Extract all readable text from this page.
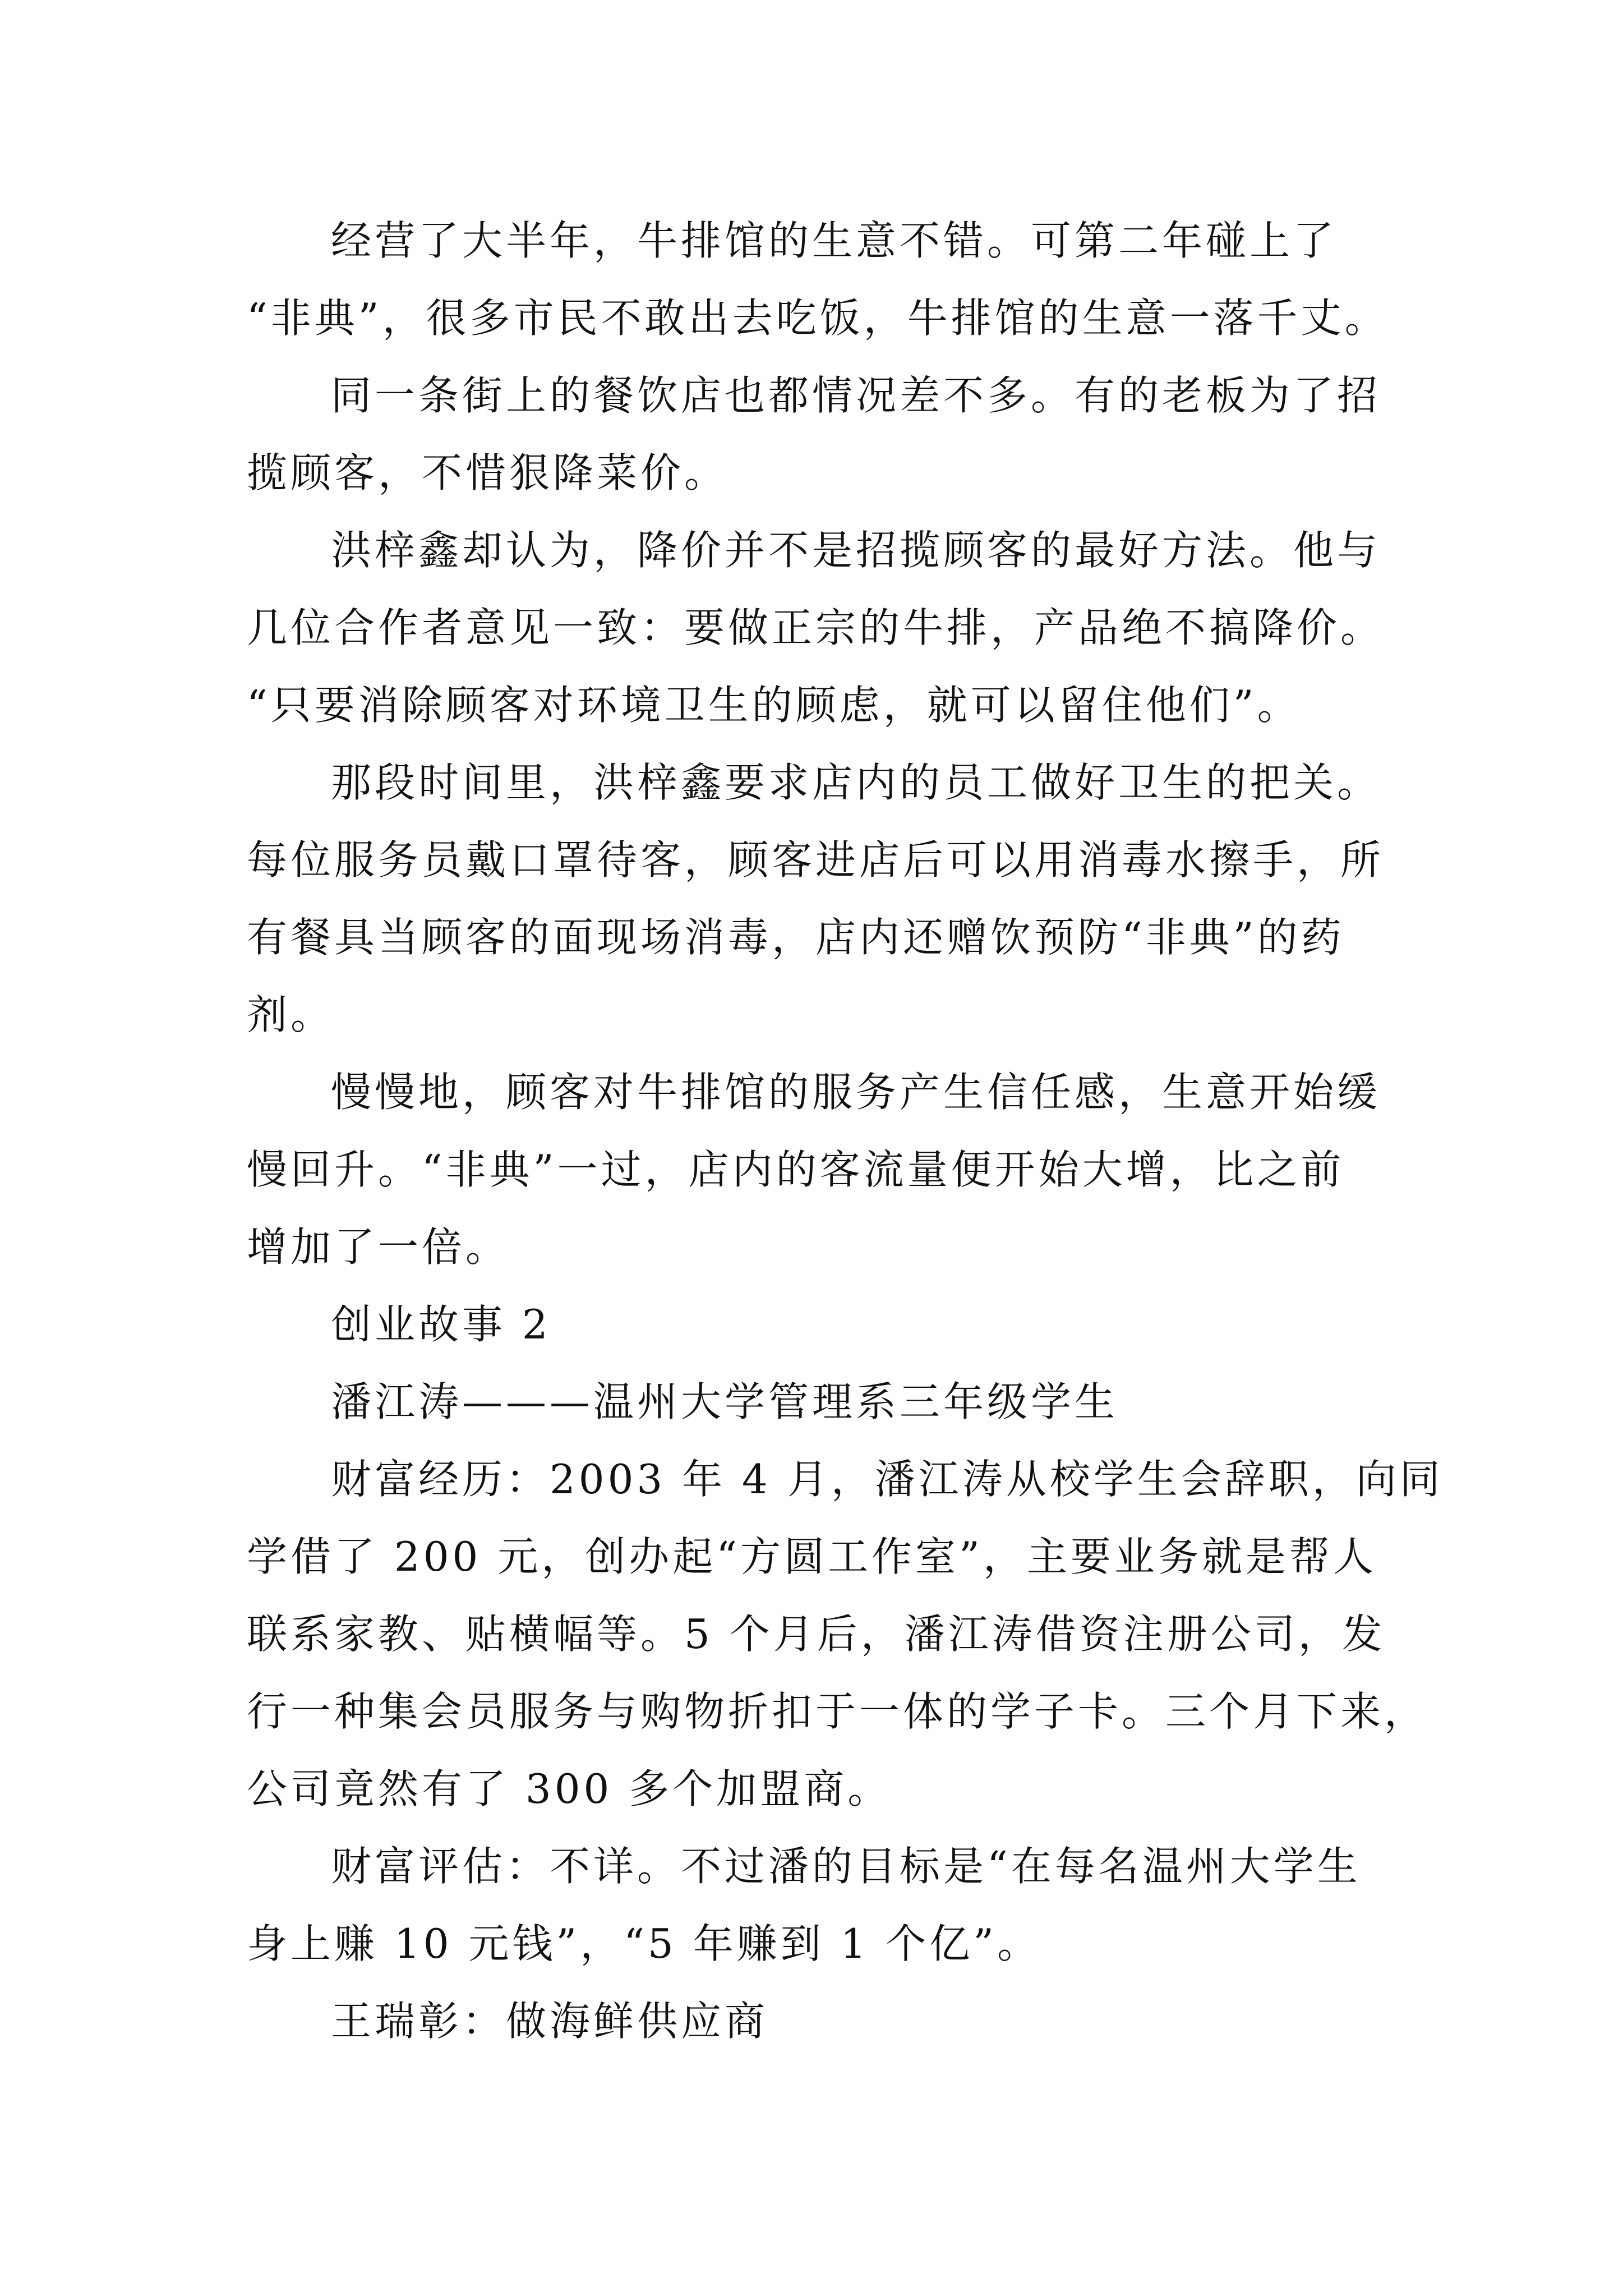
经营了大半年，牛排馆的生意不错。可第二年碰上了
“非典”，很多市民不敢出去吃饭，牛排馆的生意一落千丈。

同一条街上的餐饮店也都情况差不多。有的老板为了招
揽顾客，不惜狠降菜价。

洪梓鑫却认为，降价并不是招揽顾客的最好方法。他与
几位合作者意见一致：要做正宗的牛排，产品绝不搞降价。
“只要消除顾客对环境卫生的顾虑，就可以留住他们”。

那段时间里，洪梓鑫要求店内的员工做好卫生的把关。
每位服务员戴口罩待客，顾客进店后可以用消毒水擦手，所
有餐具当顾客的面现场消毒，店内还赠饮预防“非典”的药
剂。

慢慢地，顾客对牛排馆的服务产生信任感，生意开始缓
慢回升。“非典”一过，店内的客流量便开始大增，比之前
增加了一倍。

创业故事 2

潘江涛———温州大学管理系三年级学生

财富经历：2003 年 4 月，潘江涛从校学生会辞职，向同
学借了 200 元，创办起“方圆工作室”，主要业务就是帮人
联系家教、贴横幅等。5 个月后，潘江涛借资注册公司，发
行一种集会员服务与购物折扣于一体的学子卡。三个月下来，
公司竟然有了 300 多个加盟商。

财富评估：不详。不过潘的目标是“在每名温州大学生
身上赚 10 元钱”，“5 年赚到 1 个亿”。

王瑞彰：做海鲜供应商
